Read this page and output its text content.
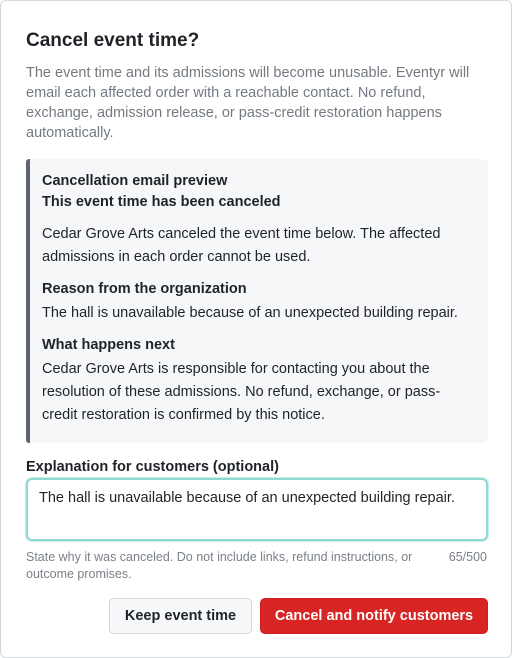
Cancel event time?

The event time and its admissions will become unusable. Eventyr will email each affected order with a reachable contact. No refund, exchange, admission release, or pass-credit restoration happens automatically.

Cancellation email preview

This event time has been canceled

Cedar Grove Arts canceled the event time below. The affected admissions in each order cannot be used.

Reason from the organization

The hall is unavailable because of an unexpected building repair.

What happens next

Cedar Grove Arts is responsible for contacting you about the resolution of these admissions. No refund, exchange, or pass-credit restoration is confirmed by this notice.

Explanation for customers (optional)
The hall is unavailable because of an unexpected building repair.
State why it was canceled. Do not include links, refund instructions, or outcome promises.
65/500
Keep event time	Cancel and notify customers
